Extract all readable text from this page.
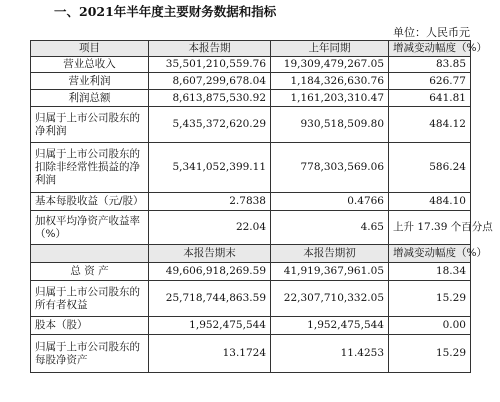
一、2021年半年度主要财务数据和指标
单位：人民币元
项目	本报告期	上年同期	增减变动幅度（%）
营业总收入	35,501,210,559.76	19,309,479,267.05	83.85
营业利润	8,607,299,678.04	1,184,326,630.76	626.77
利润总额	8,613,875,530.92	1,161,203,310.47	641.81
归属于上市公司股东的净利润	5,435,372,620.29	930,518,509.80	484.12
归属于上市公司股东的扣除非经常性损益的净利润	5,341,052,399.11	778,303,569.06	586.24
基本每股收益（元/股）	2.7838	0.4766	484.10
加权平均净资产收益率（%）	22.04	4.65	上升 17.39 个百分点
	本报告期末	本报告期初	增减变动幅度（%）
总 资 产	49,606,918,269.59	41,919,367,961.05	18.34
归属于上市公司股东的所有者权益	25,718,744,863.59	22,307,710,332.05	15.29
股本（股）	1,952,475,544	1,952,475,544	0.00
归属于上市公司股东的每股净资产	13.1724	11.4253	15.29
